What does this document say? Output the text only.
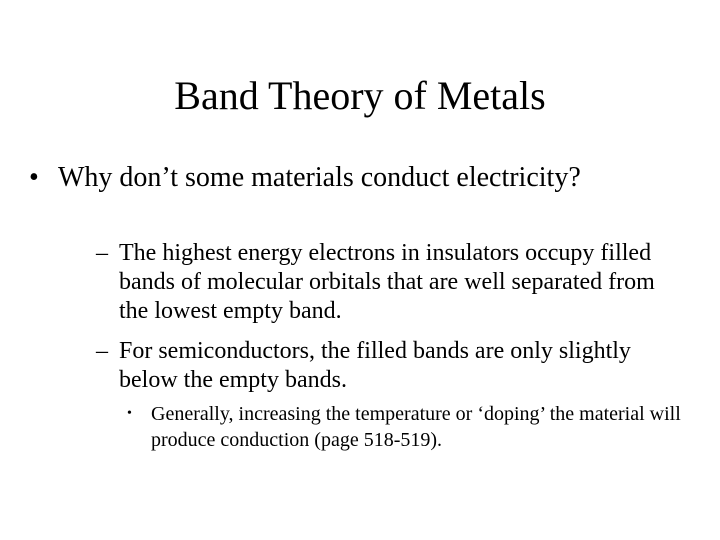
Band Theory of Metals
• Why don’t some materials conduct electricity?
– The highest energy electrons in insulators occupy filled bands of molecular orbitals that are well separated from the lowest empty band.
– For semiconductors, the filled bands are only slightly below the empty bands.
• Generally, increasing the temperature or ‘doping’ the material will produce conduction (page 518-519).
